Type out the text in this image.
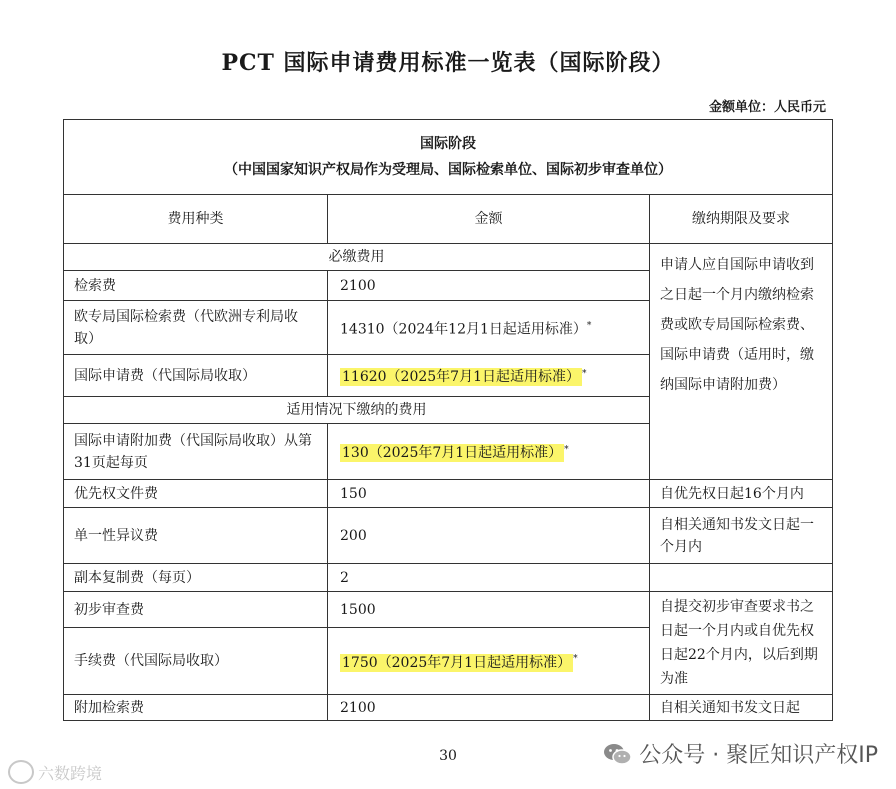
PCT 国际申请费用标准一览表（国际阶段）
金额单位：人民币元
国际阶段
（中国国家知识产权局作为受理局、国际检索单位、国际初步审查单位）		

费用种类	金额	缴纳期限及要求
必缴费用		申请人应自国际申请收到之日起一个月内缴纳检索费或欧专局国际检索费、国际申请费（适用时，缴纳国际申请附加费）
检索费	2100	
欧专局国际检索费（代欧洲专利局收取）	14310（2024年12月1日起适用标准）*
国际申请费（代国际局收取）	11620（2025年7月1日起适用标准） *
适用情况下缴纳的费用		
国际申请附加费（代国际局收取）从第31页起每页	130（2025年7月1日起适用标准） *
优先权文件费	150	自优先权日起16个月内
单一性异议费	200	自相关通知书发文日起一个月内
副本复制费（每页）	2	
初步审查费	1500	自提交初步审查要求书之日起一个月内或自优先权日起22个月内，以后到期为准
手续费（代国际局收取）	1750（2025年7月1日起适用标准） *
附加检索费	2100	自相关通知书发文日起
30
六数跨境
公众号 · 聚匠知识产权IP
